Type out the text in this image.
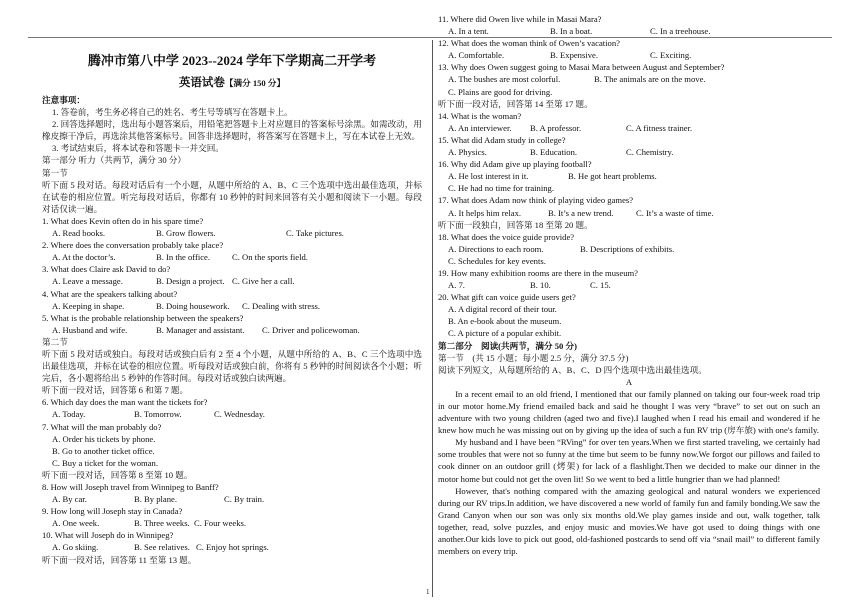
腾冲市第八中学 2023--2024 学年下学期高二开学考
英语试卷【满分 150 分】
注意事项：
1. 答卷前，考生务必将自己的姓名、考生号等填写在答题卡上。
2. 回答选择题时，选出每小题答案后，用铅笔把答题卡上对应题目的答案标号涂黑。如需改动，用橡皮擦干净后，再选涂其他答案标号。回答非选择题时，将答案写在答题卡上，写在本试卷上无效。
3. 考试结束后，将本试卷和答题卡一并交回。
第一部分 听力（共两节，满分 30 分）
第一节
听下面 5 段对话。每段对话后有一个小题，从题中所给的 A、B、C 三个选项中选出最佳选项，并标在试卷的相应位置。听完每段对话后，你都有 10 秒钟的时间来回答有关小题和阅读下一小题。每段对话仅读一遍。
1. What does Kevin often do in his spare time?
A. Read books.	B. Grow flowers.	C. Take pictures.
2. Where does the conversation probably take place?
A. At the doctor’s.	B. In the office.	C. On the sports field.
3. What does Claire ask David to do?
A. Leave a message.	B. Design a project. C. Give her a call.
4. What are the speakers talking about?
A. Keeping in shape.	B. Doing housework.	C. Dealing with stress.
5. What is the probable relationship between the speakers?
A. Husband and wife.	B. Manager and assistant.	C. Driver and policewoman.
第二节
听下面 5 段对话或独白。每段对话或独白后有 2 至 4 个小题，从题中所给的 A、B、C 三个选项中选出最佳选项，并标在试卷的相应位置。听每段对话或独白前，你将有 5 秒钟的时间阅读各个小题；听完后，各小题将给出 5 秒钟的作答时间。每段对话或独白读两遍。
听下面一段对话，回答第 6 和第 7 题。
6. Which day does the man want the tickets for?
A. Today.	B. Tomorrow.	C. Wednesday.
7. What will the man probably do?
A. Order his tickets by phone.
B. Go to another ticket office.
C. Buy a ticket for the woman.
听下面一段对话，回答第 8 至第 10 题。
8. How will Joseph travel from Winnipeg to Banff?
A. By car.	B. By plane.	C. By train.
9. How long will Joseph stay in Canada?
A. One week.	B. Three weeks. C. Four weeks.
10. What will Joseph do in Winnipeg?
A. Go skiing.	B. See relatives. C. Enjoy hot springs.
听下面一段对话，回答第 11 至第 13 题。
11. Where did Owen live while in Masai Mara?
A. In a tent.	B. In a boat.	C. In a treehouse.
12. What does the woman think of Owen’s vacation?
A. Comfortable.	B. Expensive.	C. Exciting.
13. Why does Owen suggest going to Masai Mara between August and September?
A. The bushes are most colorful.	B. The animals are on the move.
C. Plains are good for driving.
听下面一段对话，回答第 14 至第 17 题。
14. What is the woman?
A. An interviewer.	B. A professor.	C. A fitness trainer.
15. What did Adam study in college?
A. Physics.	B. Education.	C. Chemistry.
16. Why did Adam give up playing football?
A. He lost interest in it.	B. He got heart problems.
C. He had no time for training.
17. What does Adam now think of playing video games?
A. It helps him relax.	B. It’s a new trend.	C. It’s a waste of time.
听下面一段独白，回答第 18 至第 20 题。
18. What does the voice guide provide?
A. Directions to each room.	B. Descriptions of exhibits.
C. Schedules for key events.
19. How many exhibition rooms are there in the museum?
A. 7.	B. 10.	C. 15.
20. What gift can voice guide users get?
A. A digital record of their tour.
B. An e-book about the museum.
C. A picture of a popular exhibit.
第二部分　阅读(共两节，满分 50 分)
第一节　(共 15 小题；每小题 2.5 分，满分 37.5 分)
阅读下列短文，从每题所给的 A、B、C、D 四个选项中选出最佳选项。
A
In a recent email to an old friend, I mentioned that our family planned on taking our four-week road trip in our motor home.My friend emailed back and said he thought I was very “brave” to set out on such an adventure with two young children (aged two and five).I laughed when I read his email and wondered if he knew how much he was missing out on by giving up the idea of such a fun RV trip (房车旅) with one's family.
My husband and I have been “RVing” for over ten years.When we first started traveling, we certainly had some troubles that were not so funny at the time but seem to be funny now.We forgot our pillows and failed to cook dinner on an outdoor grill (烤架) for lack of a flashlight.Then we decided to make our dinner in the motor home but could not get the oven lit! So we went to bed a little hungrier than we had planned!
However, that's nothing compared with the amazing geological and natural wonders we experienced during our RV trips.In addition, we have discovered a new world of family fun and family bonding.We saw the Grand Canyon when our son was only six months old.We play games inside and out, walk together, talk together, read, solve puzzles, and enjoy music and movies.We have got used to doing things with one another.Our kids love to pick out good, old-fashioned postcards to send off via “snail mail” to different family members on every trip.
1
